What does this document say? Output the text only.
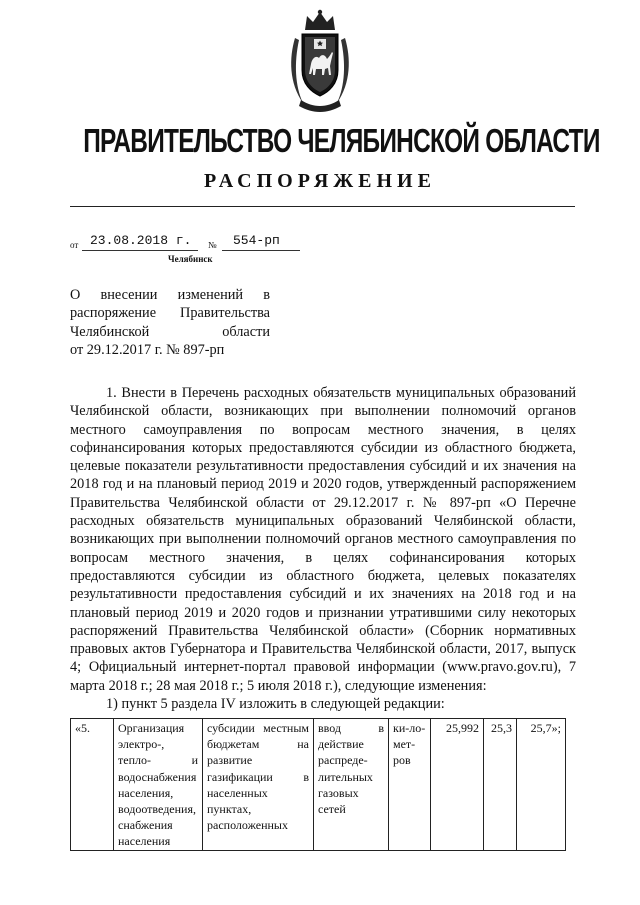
ПРАВИТЕЛЬСТВО ЧЕЛЯБИНСКОЙ ОБЛАСТИ
РАСПОРЯЖЕНИЕ
от 23.08.2018 г. № 554-рп
Челябинск
О внесении изменений в
распоряжение Правительства
Челябинской	области
от 29.12.2017 г. № 897-рп

1. Внести в Перечень расходных обязательств муниципальных образований Челябинской области, возникающих при выполнении полномочий органов местного самоуправления по вопросам местного значения, в целях софинансирования которых предоставляются субсидии из областного бюджета, целевые показатели результативности предоставления субсидий и их значения на 2018 год и на плановый период 2019 и 2020 годов, утвержденный распоряжением Правительства Челябинской области от 29.12.2017 г. № 897-рп «О Перечне расходных обязательств муниципальных образований Челябинской области, возникающих при выполнении полномочий органов местного самоуправления по вопросам местного значения, в целях софинансирования которых предоставляются субсидии из областного бюджета, целевых показателях результативности предоставления субсидий и их значениях на 2018 год и на плановый период 2019 и 2020 годов и признании утратившими силу некоторых распоряжений Правительства Челябинской области» (Сборник нормативных правовых актов Губернатора и Правительства Челябинской области, 2017, выпуск 4; Официальный интернет-портал правовой информации (www.pravo.gov.ru), 7 марта 2018 г.; 28 мая 2018 г.; 5 июля 2018 г.), следующие изменения:

1) пункт 5 раздела IV изложить в следующей редакции:

«5.	Организация электро-, тепло- и водоснабжения населения, водоотведения, снабжения населения	субсидии местным бюджетам на развитие газификации в населенных пунктах, расположенных	ввод в действие распреде-лительных газовых сетей	ки-ло-мет-ров	25,992	25,3	25,7»;
